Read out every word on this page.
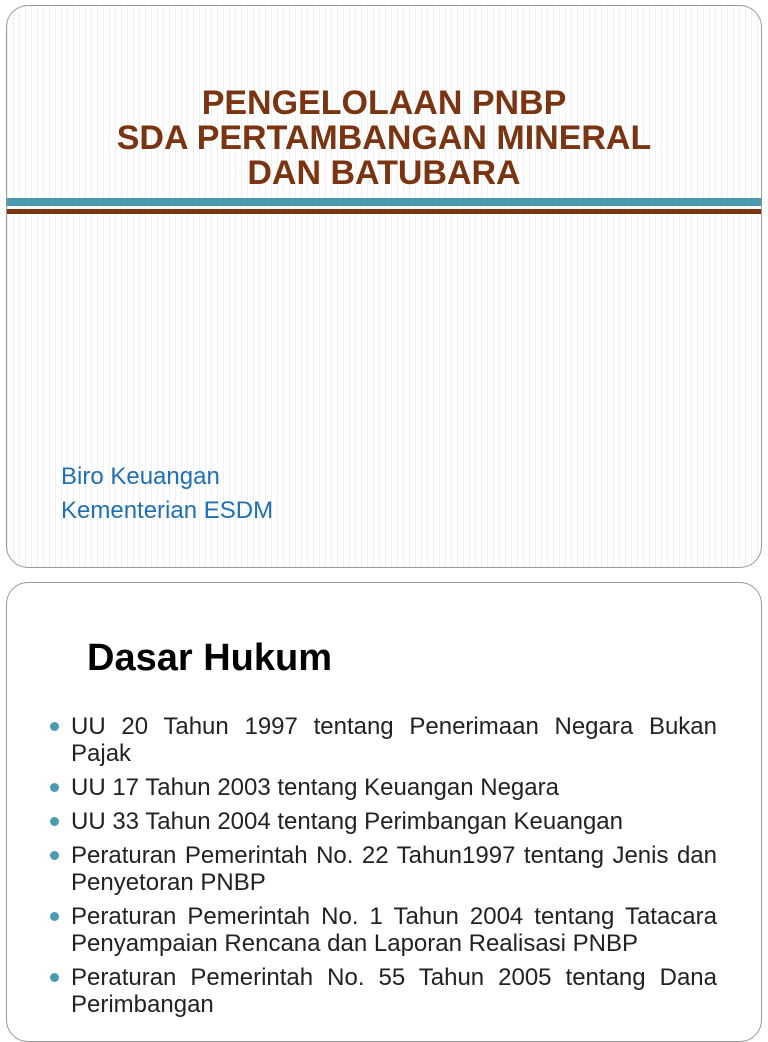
PENGELOLAAN PNBP
SDA PERTAMBANGAN MINERAL
DAN BATUBARA
Biro Keuangan
Kementerian ESDM
Dasar Hukum
UU 20 Tahun 1997 tentang Penerimaan Negara Bukan Pajak
UU 17 Tahun 2003 tentang Keuangan Negara
UU 33 Tahun 2004 tentang Perimbangan Keuangan
Peraturan Pemerintah No. 22 Tahun1997 tentang Jenis dan Penyetoran PNBP
Peraturan Pemerintah No. 1 Tahun 2004 tentang Tatacara Penyampaian Rencana dan Laporan Realisasi PNBP
Peraturan Pemerintah No. 55 Tahun 2005 tentang Dana Perimbangan
